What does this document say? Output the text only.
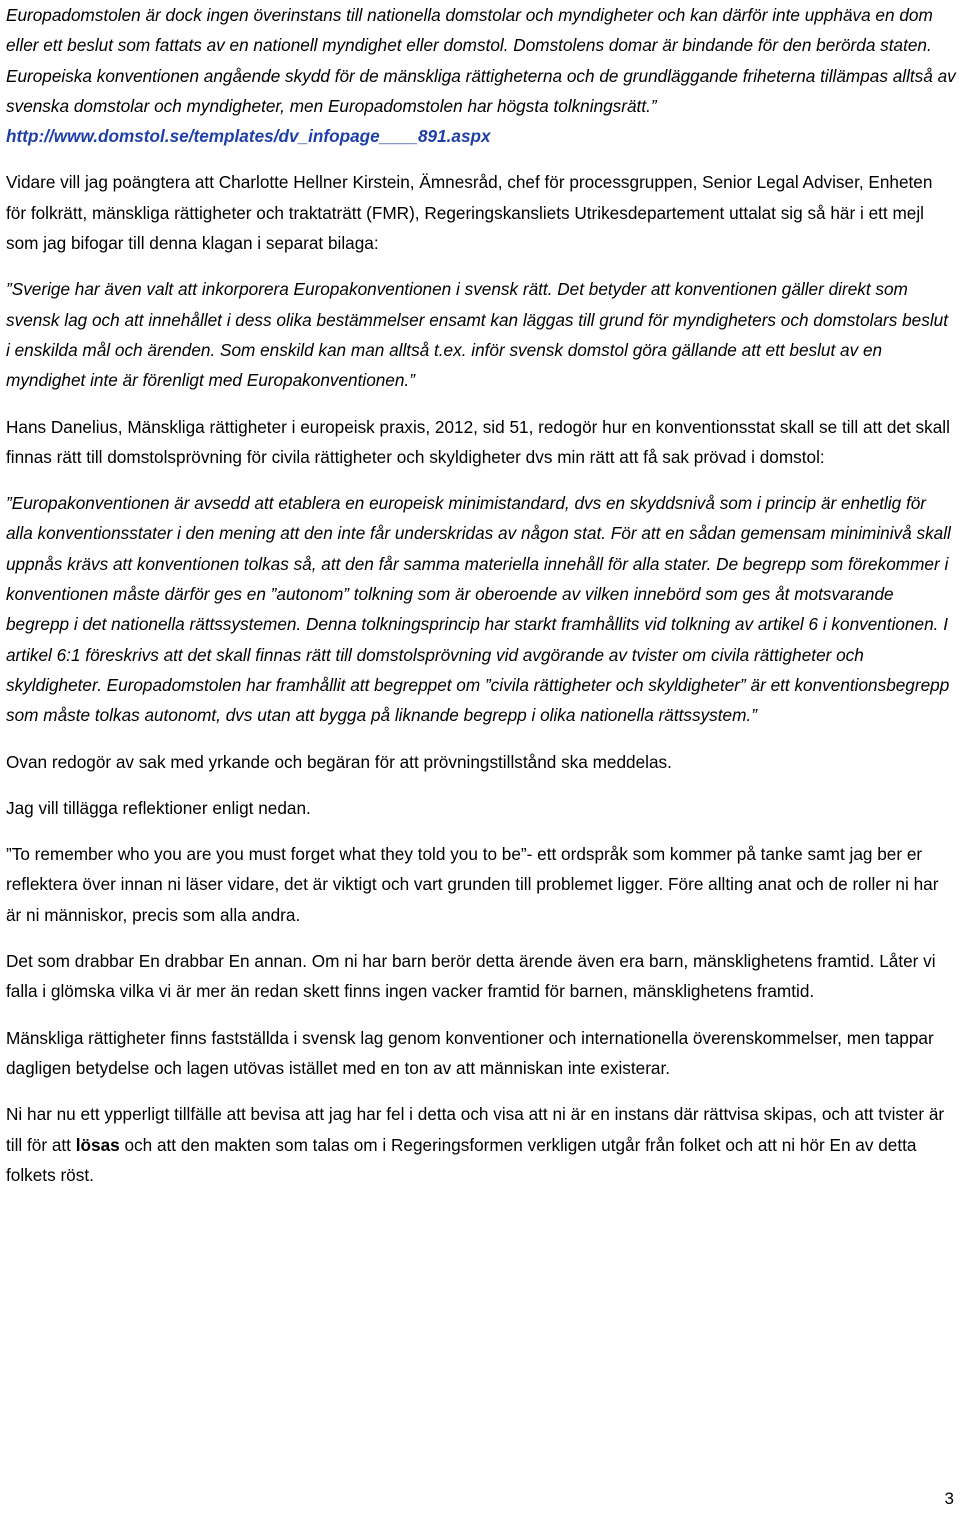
Europadomstolen är dock ingen överinstans till nationella domstolar och myndigheter och kan därför inte upphäva en dom eller ett beslut som fattats av en nationell myndighet eller domstol. Domstolens domar är bindande för den berörda staten. Europeiska konventionen angående skydd för de mänskliga rättigheterna och de grundläggande friheterna tillämpas alltså av svenska domstolar och myndigheter, men Europadomstolen har högsta tolkningsrätt.”
http://www.domstol.se/templates/dv_infopage____891.aspx

Vidare vill jag poängtera att Charlotte Hellner Kirstein, Ämnesråd, chef för processgruppen, Senior Legal Adviser, Enheten för folkrätt, mänskliga rättigheter och traktaträtt (FMR), Regeringskansliets Utrikesdepartement uttalat sig så här i ett mejl som jag bifogar till denna klagan i separat bilaga:

”Sverige har även valt att inkorporera Europakonventionen i svensk rätt. Det betyder att konventionen gäller direkt som svensk lag och att innehållet i dess olika bestämmelser ensamt kan läggas till grund för myndigheters och domstolars beslut i enskilda mål och ärenden. Som enskild kan man alltså t.ex. inför svensk domstol göra gällande att ett beslut av en myndighet inte är förenligt med Europakonventionen.”

Hans Danelius, Mänskliga rättigheter i europeisk praxis, 2012, sid 51, redogör hur en konventionsstat skall se till att det skall finnas rätt till domstolsprövning för civila rättigheter och skyldigheter dvs min rätt att få sak prövad i domstol:

”Europakonventionen är avsedd att etablera en europeisk minimistandard, dvs en skyddsnivå som i princip är enhetlig för alla konventionsstater i den mening att den inte får underskridas av någon stat. För att en sådan gemensam miniminivå skall uppnås krävs att konventionen tolkas så, att den får samma materiella innehåll för alla stater. De begrepp som förekommer i konventionen måste därför ges en ”autonom” tolkning som är oberoende av vilken innebörd som ges åt motsvarande begrepp i det nationella rättssystemen. Denna tolkningsprincip har starkt framhållits vid tolkning av artikel 6 i konventionen. I artikel 6:1 föreskrivs att det skall finnas rätt till domstolsprövning vid avgörande av tvister om civila rättigheter och skyldigheter. Europadomstolen har framhållit att begreppet om ”civila rättigheter och skyldigheter” är ett konventionsbegrepp som måste tolkas autonomt, dvs utan att bygga på liknande begrepp i olika nationella rättssystem.”

Ovan redogör av sak med yrkande och begäran för att prövningstillstånd ska meddelas.

Jag vill tillägga reflektioner enligt nedan.

”To remember who you are you must forget what they told you to be”- ett ordspråk som kommer på tanke samt jag ber er reflektera över innan ni läser vidare, det är viktigt och vart grunden till problemet ligger. Före allting anat och de roller ni har är ni människor, precis som alla andra.

Det som drabbar En drabbar En annan. Om ni har barn berör detta ärende även era barn, mänsklighetens framtid. Låter vi falla i glömska vilka vi är mer än redan skett finns ingen vacker framtid för barnen, mänsklighetens framtid.

Mänskliga rättigheter finns fastställda i svensk lag genom konventioner och internationella överenskommelser, men tappar dagligen betydelse och lagen utövas istället med en ton av att människan inte existerar.

Ni har nu ett ypperligt tillfälle att bevisa att jag har fel i detta och visa att ni är en instans där rättvisa skipas, och att tvister är till för att lösas och att den makten som talas om i Regeringsformen verkligen utgår från folket och att ni hör En av detta folkets röst.

3
